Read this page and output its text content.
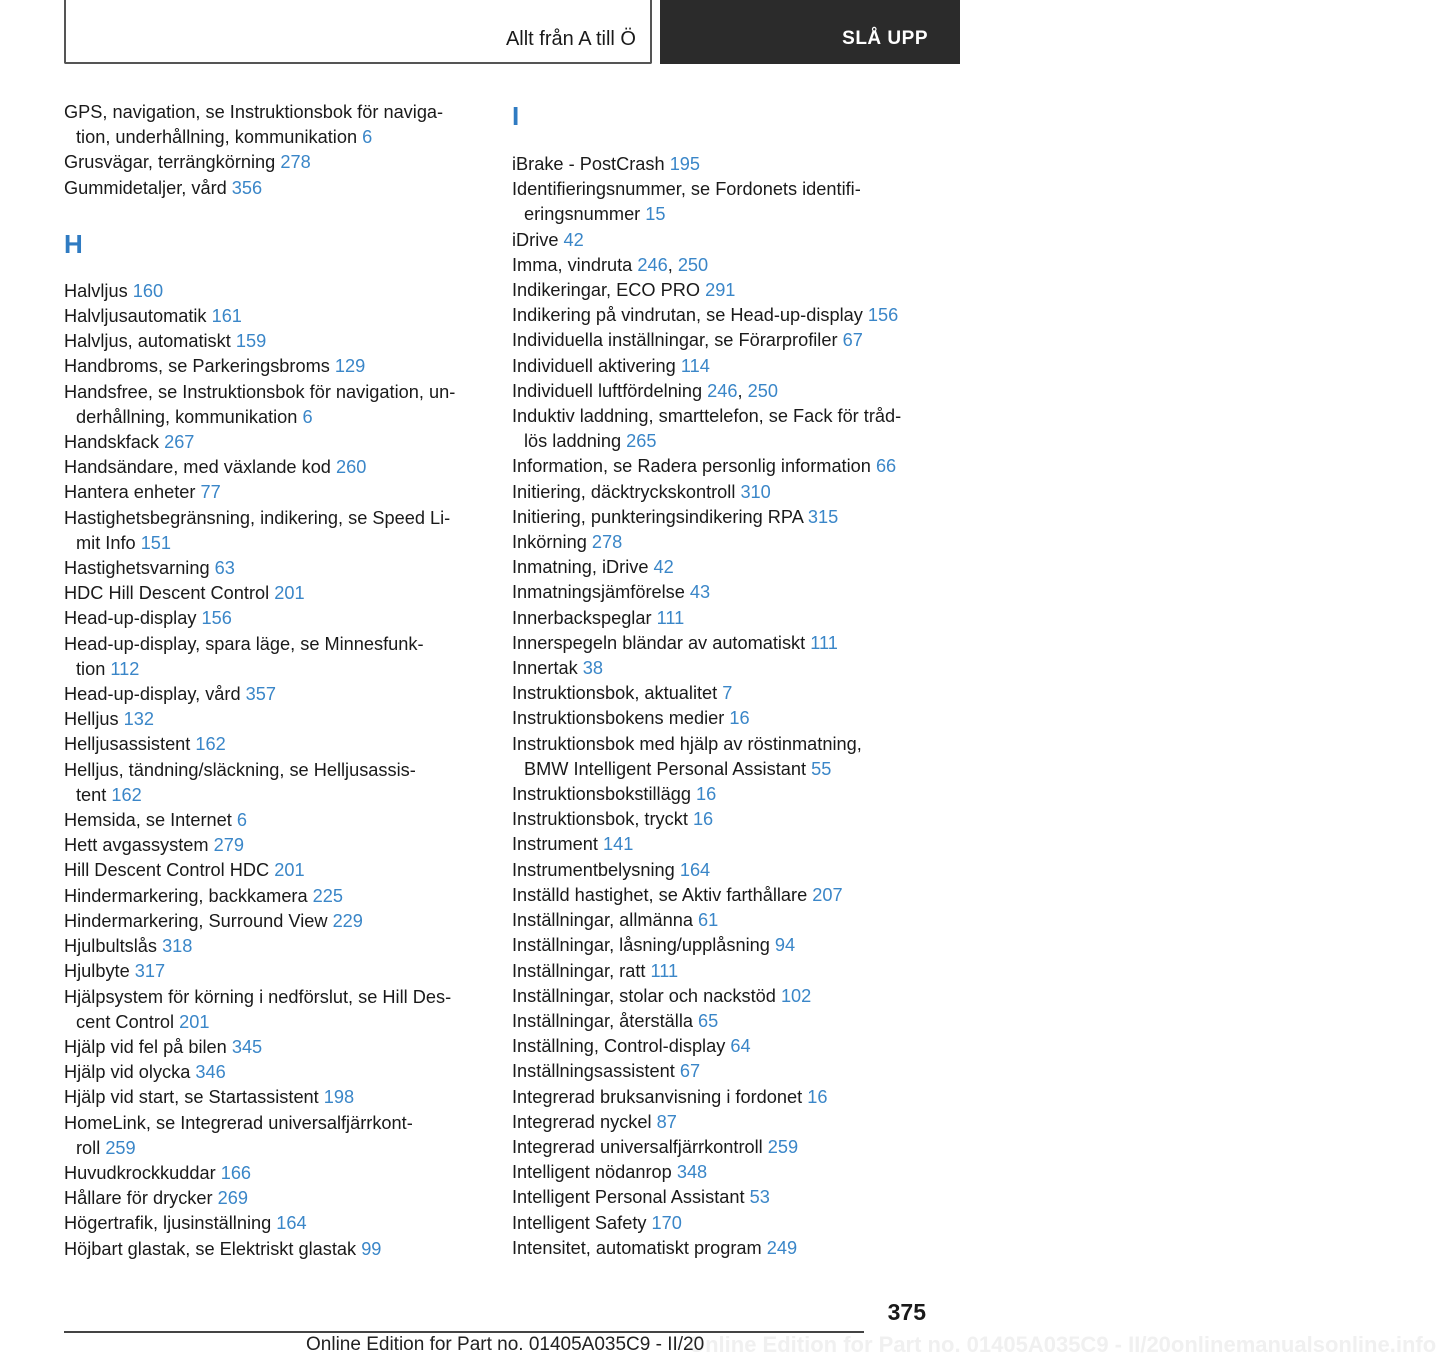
Allt från A till Ö	SLÅ UPP
GPS, navigation, se Instruktionsbok för naviga-
tion, underhållning, kommunikation 6
Grusvägar, terrängkörning 278
Gummidetaljer, vård 356
H
Halvljus 160
Halvljusautomatik 161
Halvljus, automatiskt 159
Handbroms, se Parkeringsbroms 129
Handsfree, se Instruktionsbok för navigation, un-
derhållning, kommunikation 6
Handskfack 267
Handsändare, med växlande kod 260
Hantera enheter 77
Hastighetsbegränsning, indikering, se Speed Li-
mit Info 151
Hastighetsvarning 63
HDC Hill Descent Control 201
Head-up-display 156
Head-up-display, spara läge, se Minnesfunk-
tion 112
Head-up-display, vård 357
Helljus 132
Helljusassistent 162
Helljus, tändning/släckning, se Helljusassis-
tent 162
Hemsida, se Internet 6
Hett avgassystem 279
Hill Descent Control HDC 201
Hindermarkering, backkamera 225
Hindermarkering, Surround View 229
Hjulbultslås 318
Hjulbyte 317
Hjälpsystem för körning i nedförslut, se Hill Des-
cent Control 201
Hjälp vid fel på bilen 345
Hjälp vid olycka 346
Hjälp vid start, se Startassistent 198
HomeLink, se Integrerad universalfjärrkont-
roll 259
Huvudkrockkuddar 166
Hållare för drycker 269
Högertrafik, ljusinställning 164
Höjbart glastak, se Elektriskt glastak 99
I
iBrake - PostCrash 195
Identifieringsnummer, se Fordonets identifi-
eringsnummer 15
iDrive 42
Imma, vindruta 246, 250
Indikeringar, ECO PRO 291
Indikering på vindrutan, se Head-up-display 156
Individuella inställningar, se Förarprofiler 67
Individuell aktivering 114
Individuell luftfördelning 246, 250
Induktiv laddning, smarttelefon, se Fack för tråd-
lös laddning 265
Information, se Radera personlig information 66
Initiering, däcktryckskontroll 310
Initiering, punkteringsindikering RPA 315
Inkörning 278
Inmatning, iDrive 42
Inmatningsjämförelse 43
Innerbackspeglar 111
Innerspegeln bländar av automatiskt 111
Innertak 38
Instruktionsbok, aktualitet 7
Instruktionsbokens medier 16
Instruktionsbok med hjälp av röstinmatning,
BMW Intelligent Personal Assistant 55
Instruktionsbokstillägg 16
Instruktionsbok, tryckt 16
Instrument 141
Instrumentbelysning 164
Inställd hastighet, se Aktiv farthållare 207
Inställningar, allmänna 61
Inställningar, låsning/upplåsning 94
Inställningar, ratt 111
Inställningar, stolar och nackstöd 102
Inställningar, återställa 65
Inställning, Control-display 64
Inställningsassistent 67
Integrerad bruksanvisning i fordonet 16
Integrerad nyckel 87
Integrerad universalfjärrkontroll 259
Intelligent nödanrop 348
Intelligent Personal Assistant 53
Intelligent Safety 170
Intensitet, automatiskt program 249
375
Online Edition for Part no. 01405A035C9 - II/20onlinemanualsonline.info
Online Edition for Part no. 01405A035C9 - II/20
